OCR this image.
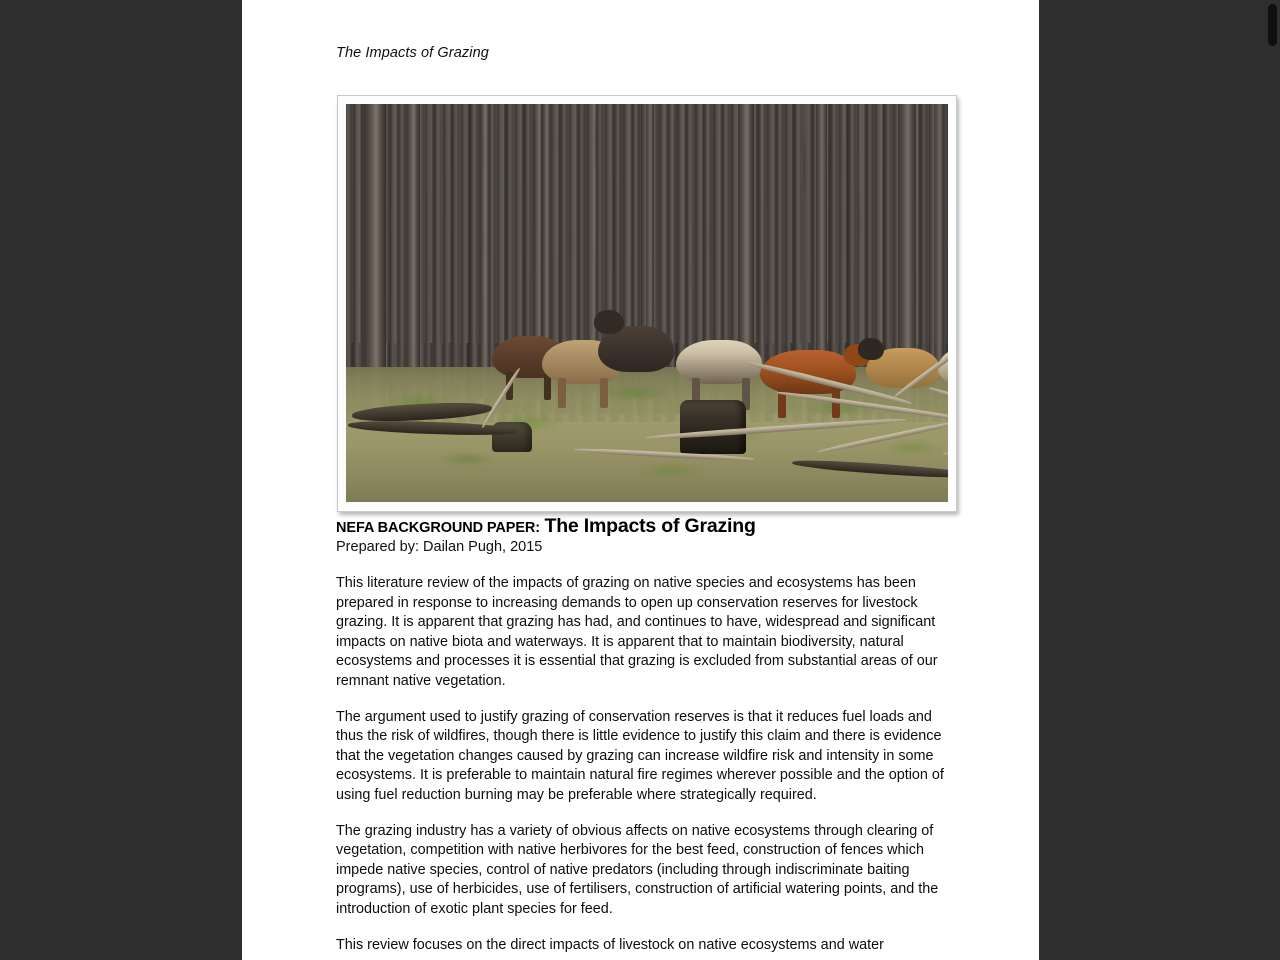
The Impacts of Grazing
NEFA BACKGROUND PAPER: The Impacts of Grazing
Prepared by: Dailan Pugh, 2015

This literature review of the impacts of grazing on native species and ecosystems has been prepared in response to increasing demands to open up conservation reserves for livestock grazing. It is apparent that grazing has had, and continues to have, widespread and significant impacts on native biota and waterways. It is apparent that to maintain biodiversity, natural ecosystems and processes it is essential that grazing is excluded from substantial areas of our remnant native vegetation.

The argument used to justify grazing of conservation reserves is that it reduces fuel loads and thus the risk of wildfires, though there is little evidence to justify this claim and there is evidence that the vegetation changes caused by grazing can increase wildfire risk and intensity in some ecosystems. It is preferable to maintain natural fire regimes wherever possible and the option of using fuel reduction burning may be preferable where strategically required.

The grazing industry has a variety of obvious affects on native ecosystems through clearing of vegetation, competition with native herbivores for the best feed, construction of fences which impede native species, control of native predators (including through indiscriminate baiting programs), use of herbicides, use of fertilisers, construction of artificial watering points, and the introduction of exotic plant species for feed.

This review focuses on the direct impacts of livestock on native ecosystems and water
